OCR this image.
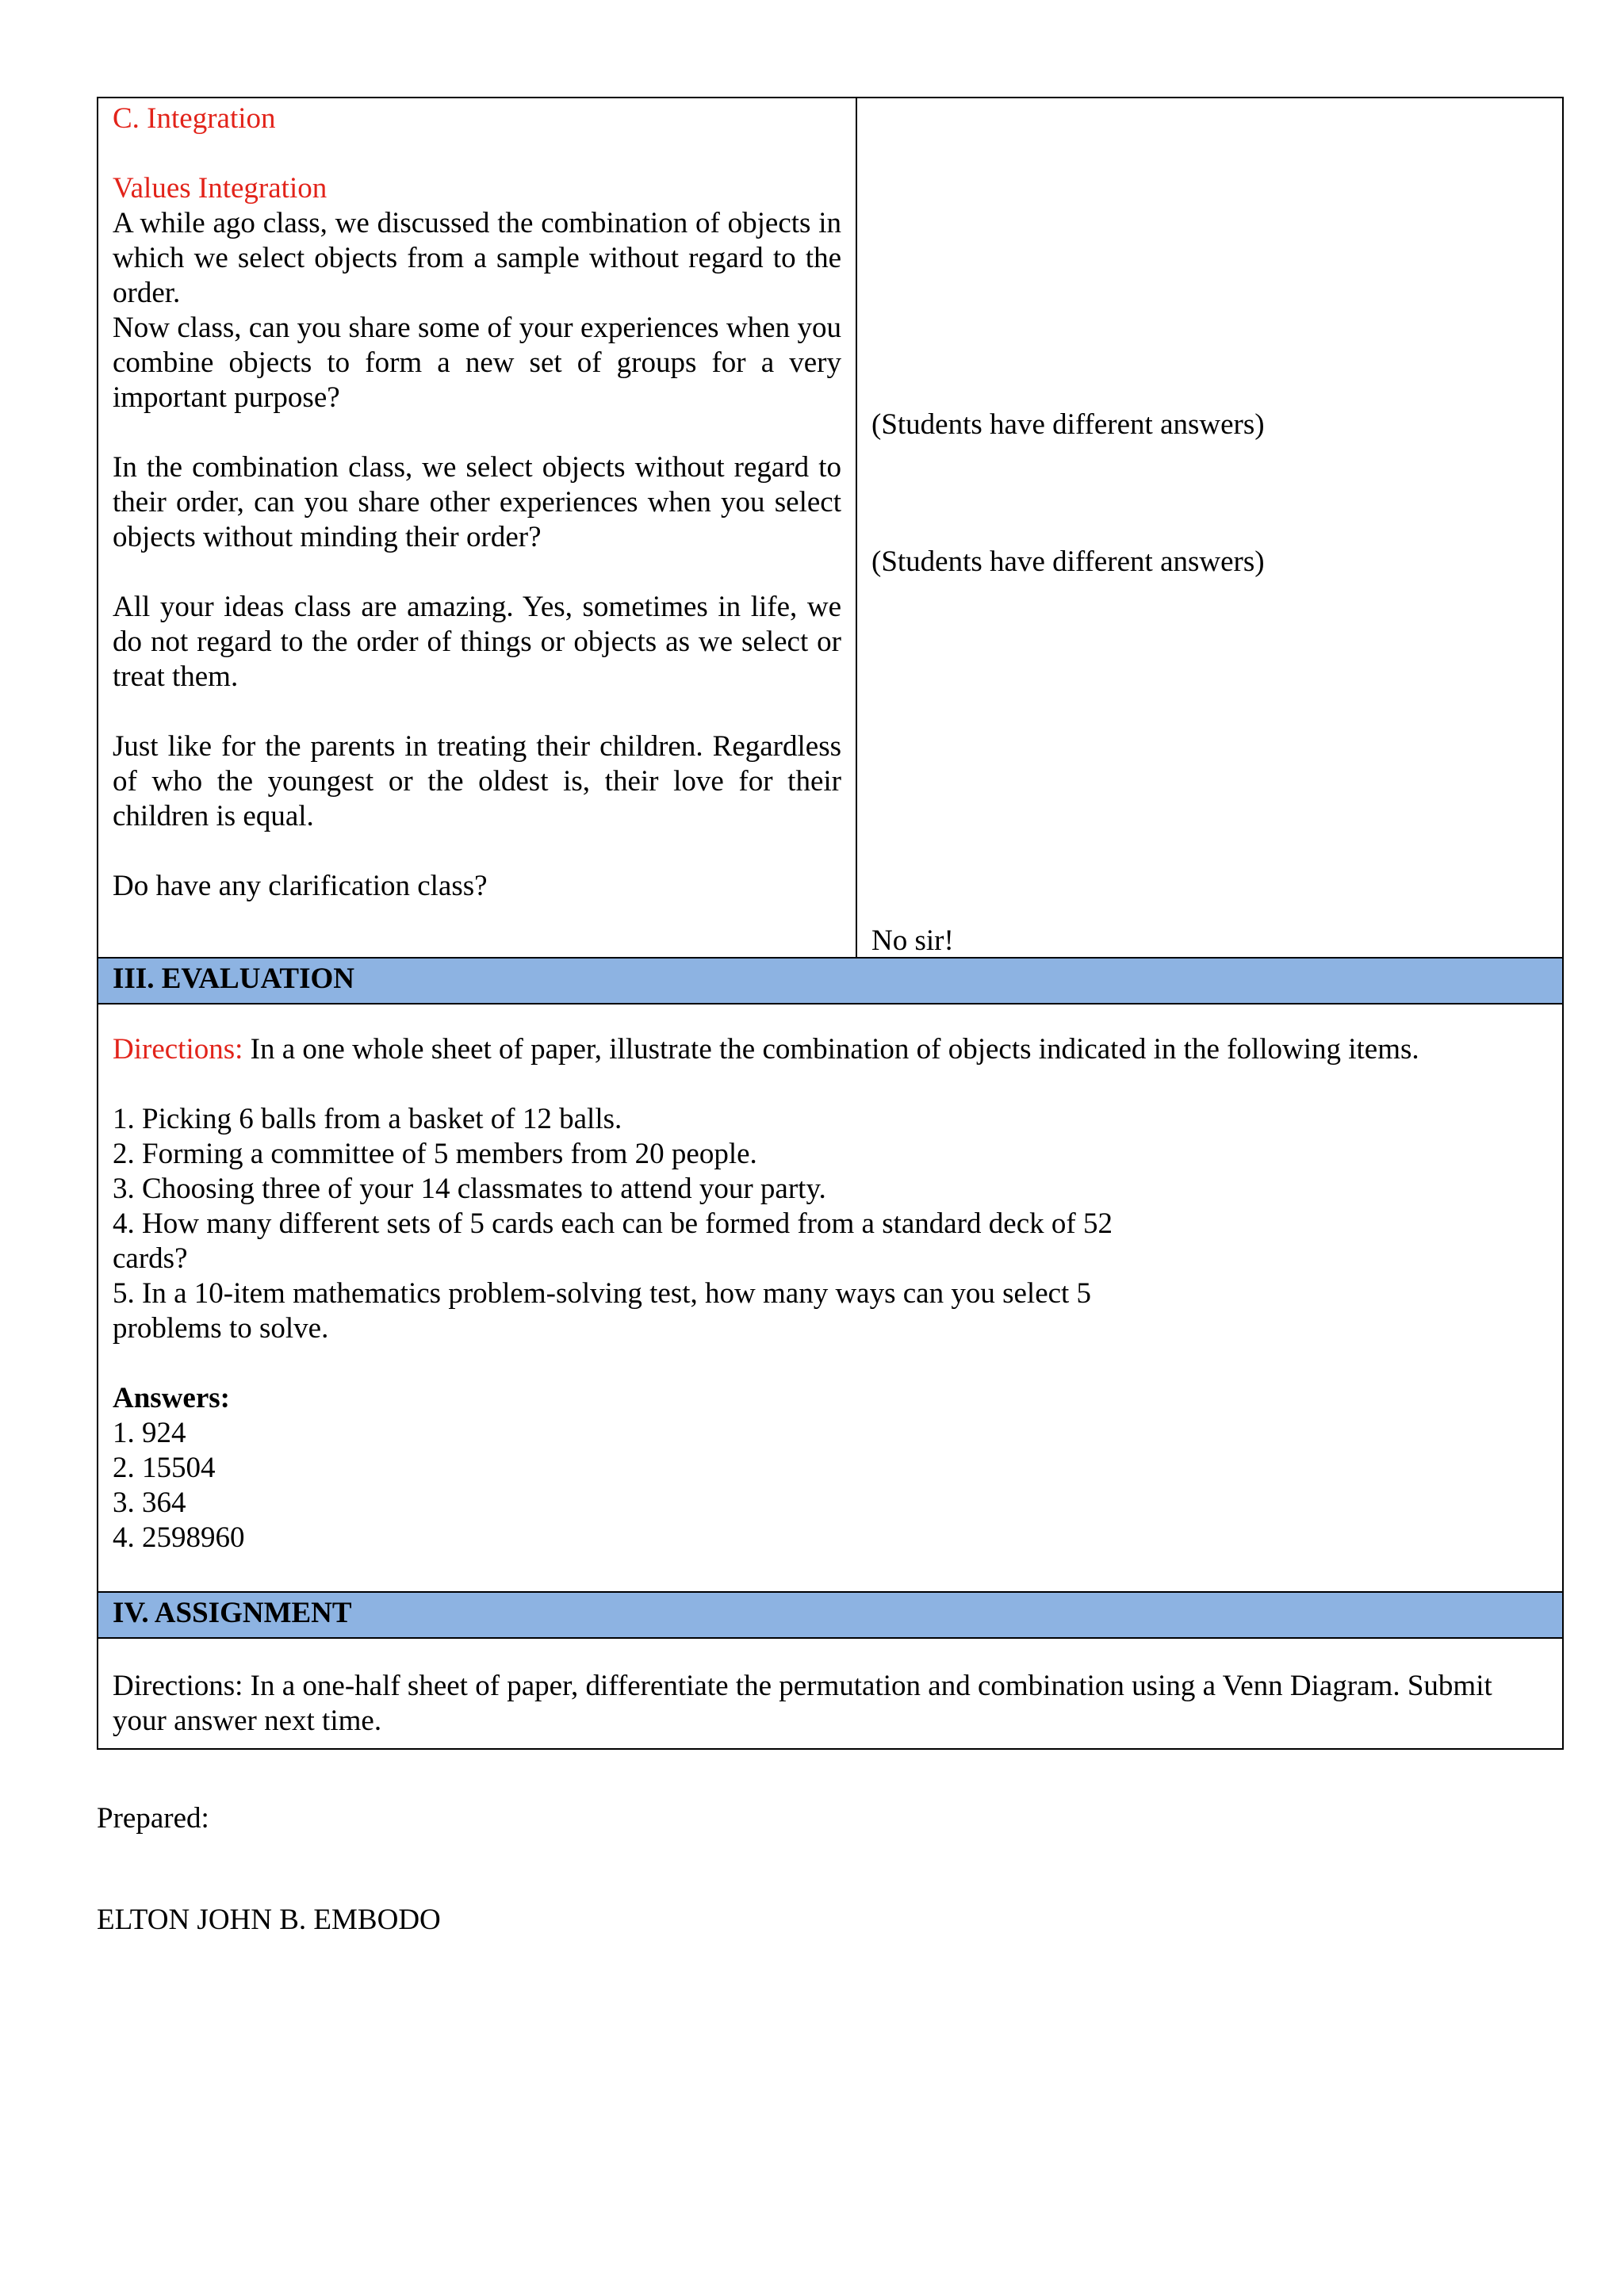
C. Integration

Values Integration

A while ago class, we discussed the combination of objects in which we select objects from a sample without regard to the order.

Now class, can you share some of your experiences when you combine objects to form a new set of groups for a very important purpose?

In the combination class, we select objects without regard to their order, can you share other experiences when you select objects without minding their order?

All your ideas class are amazing. Yes, sometimes in life, we do not regard to the order of things or objects as we select or treat them.

Just like for the parents in treating their children. Regardless of who the youngest or the oldest is, their love for their children is equal.

Do have any clarification class?

(Students have different answers)
(Students have different answers)
No sir!
III. EVALUATION

Directions: In a one whole sheet of paper, illustrate the combination of objects indicated in the following items.

1. Picking 6 balls from a basket of 12 balls.

2. Forming a committee of 5 members from 20 people.

3. Choosing three of your 14 classmates to attend your party.

4. How many different sets of 5 cards each can be formed from a standard deck of 52

cards?

5. In a 10-item mathematics problem-solving test, how many ways can you select 5

problems to solve.

Answers:

1. 924

2. 15504

3. 364

4. 2598960

IV. ASSIGNMENT

Directions: In a one-half sheet of paper, differentiate the permutation and combination using a Venn Diagram. Submit

your answer next time.

Prepared:

ELTON JOHN B. EMBODO
